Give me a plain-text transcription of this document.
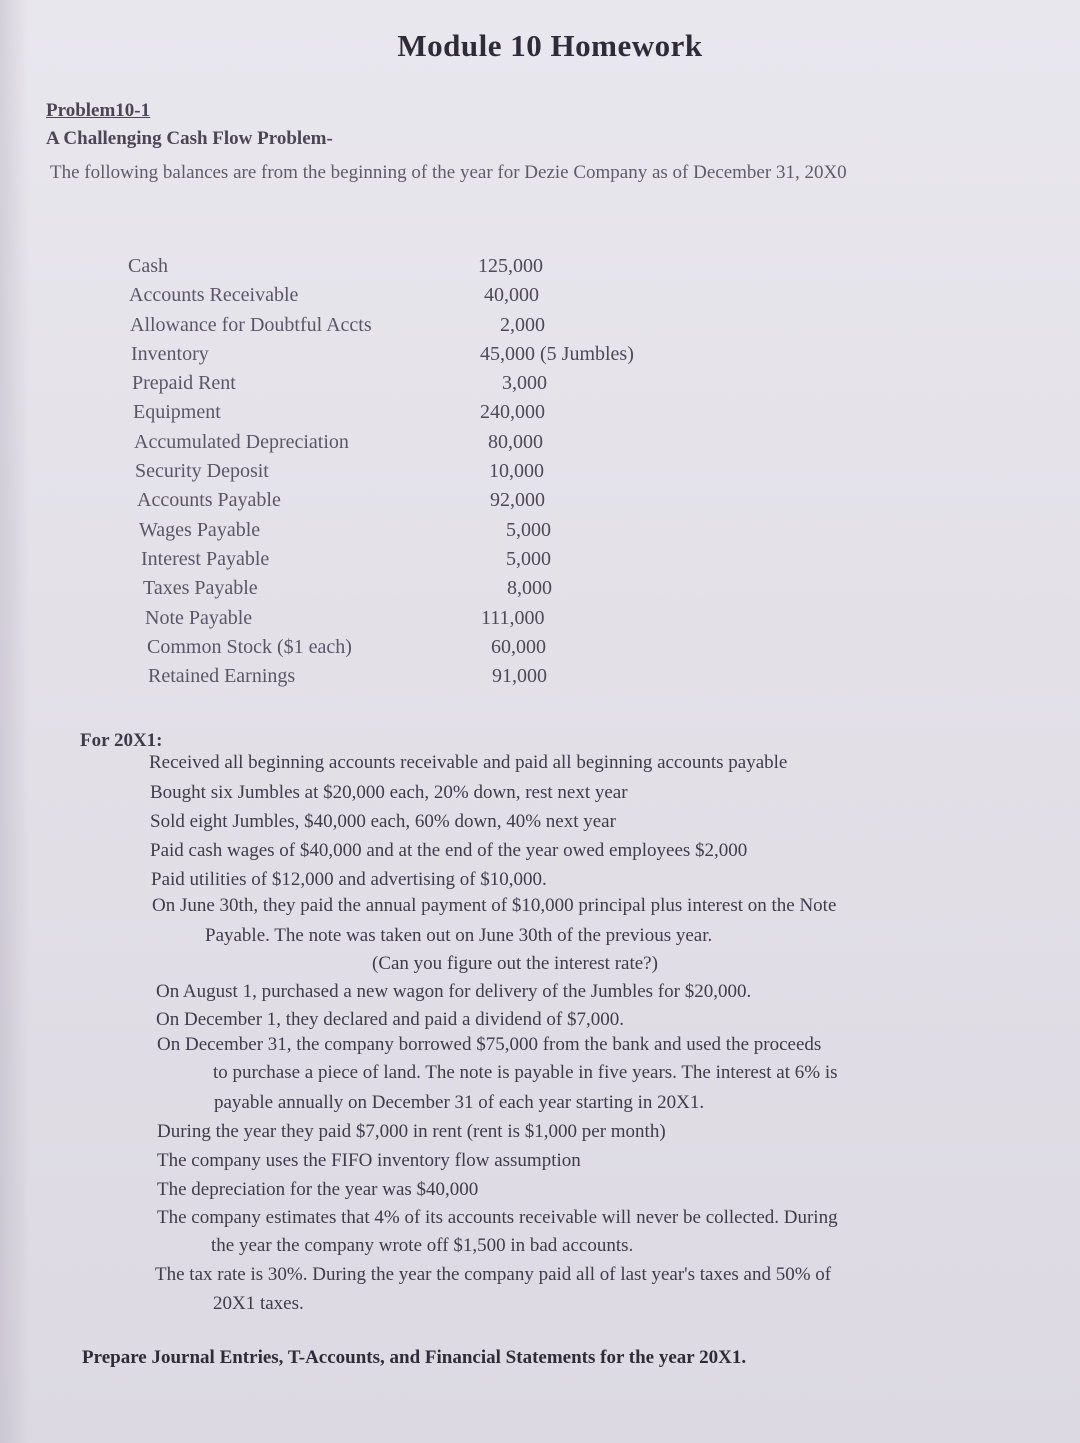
Module 10 Homework
Problem10-1
A Challenging Cash Flow Problem-
The following balances are from the beginning of the year for Dezie Company as of December 31, 20X0
Cash	125,000
Accounts Receivable	40,000
Allowance for Doubtful Accts	2,000
Inventory	45,000 (5 Jumbles)
Prepaid Rent	3,000
Equipment	240,000
Accumulated Depreciation	80,000
Security Deposit	10,000
Accounts Payable	92,000
Wages Payable	5,000
Interest Payable	5,000
Taxes Payable	8,000
Note Payable	111,000
Common Stock ($1 each)	60,000
Retained Earnings	91,000
For 20X1:
Received all beginning accounts receivable and paid all beginning accounts payable
Bought six Jumbles at $20,000 each, 20% down, rest next year
Sold eight Jumbles, $40,000 each, 60% down, 40% next year
Paid cash wages of $40,000 and at the end of the year owed employees $2,000
Paid utilities of $12,000 and advertising of $10,000.
On June 30th, they paid the annual payment of $10,000 principal plus interest on the Note
Payable. The note was taken out on June 30th of the previous year.
(Can you figure out the interest rate?)
On August 1, purchased a new wagon for delivery of the Jumbles for $20,000.
On December 1, they declared and paid a dividend of $7,000.
On December 31, the company borrowed $75,000 from the bank and used the proceeds
to purchase a piece of land. The note is payable in five years. The interest at 6% is
payable annually on December 31 of each year starting in 20X1.
During the year they paid $7,000 in rent (rent is $1,000 per month)
The company uses the FIFO inventory flow assumption
The depreciation for the year was $40,000
The company estimates that 4% of its accounts receivable will never be collected. During
the year the company wrote off $1,500 in bad accounts.
The tax rate is 30%. During the year the company paid all of last year's taxes and 50% of
20X1 taxes.
Prepare Journal Entries, T-Accounts, and Financial Statements for the year 20X1.
